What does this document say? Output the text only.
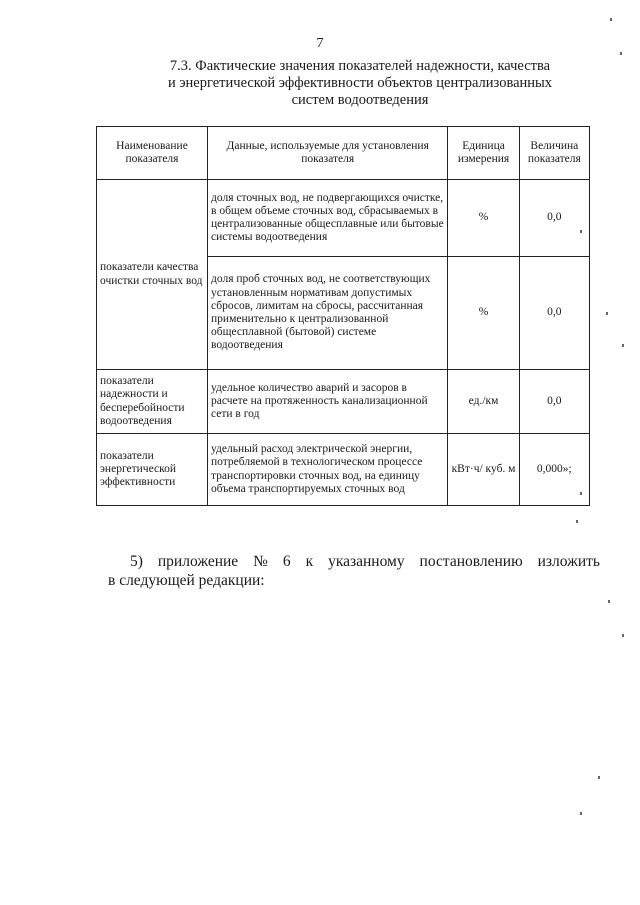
7
7.3. Фактические значения показателей надежности, качества
и энергетической эффективности объектов централизованных
систем водоотведения
Наименование показателя	Данные, используемые для установления показателя	Единица измерения	Величина показателя
показатели качества очистки сточных вод	доля сточных вод, не подвергающихся очистке, в общем объеме сточных вод, сбрасываемых в централизованные общесплавные или бытовые системы водоотведения	%	0,0
	доля проб сточных вод, не соответствующих установленным нормативам допустимых сбросов, лимитам на сбросы, рассчитанная применительно к централизованной общесплавной (бытовой) системе водоотведения	%	0,0
показатели надежности и бесперебойности водоотведения	удельное количество аварий и засоров в расчете на протяженность канализационной сети в год	ед./км	0,0
показатели энергетической эффективности	удельный расход электрической энергии, потребляемой в технологическом процессе транспортировки сточных вод, на единицу объема транспортируемых сточных вод	кВт·ч/ куб. м	0,000»;
5) приложение № 6 к указанному постановлению изложить
в следующей редакции:
